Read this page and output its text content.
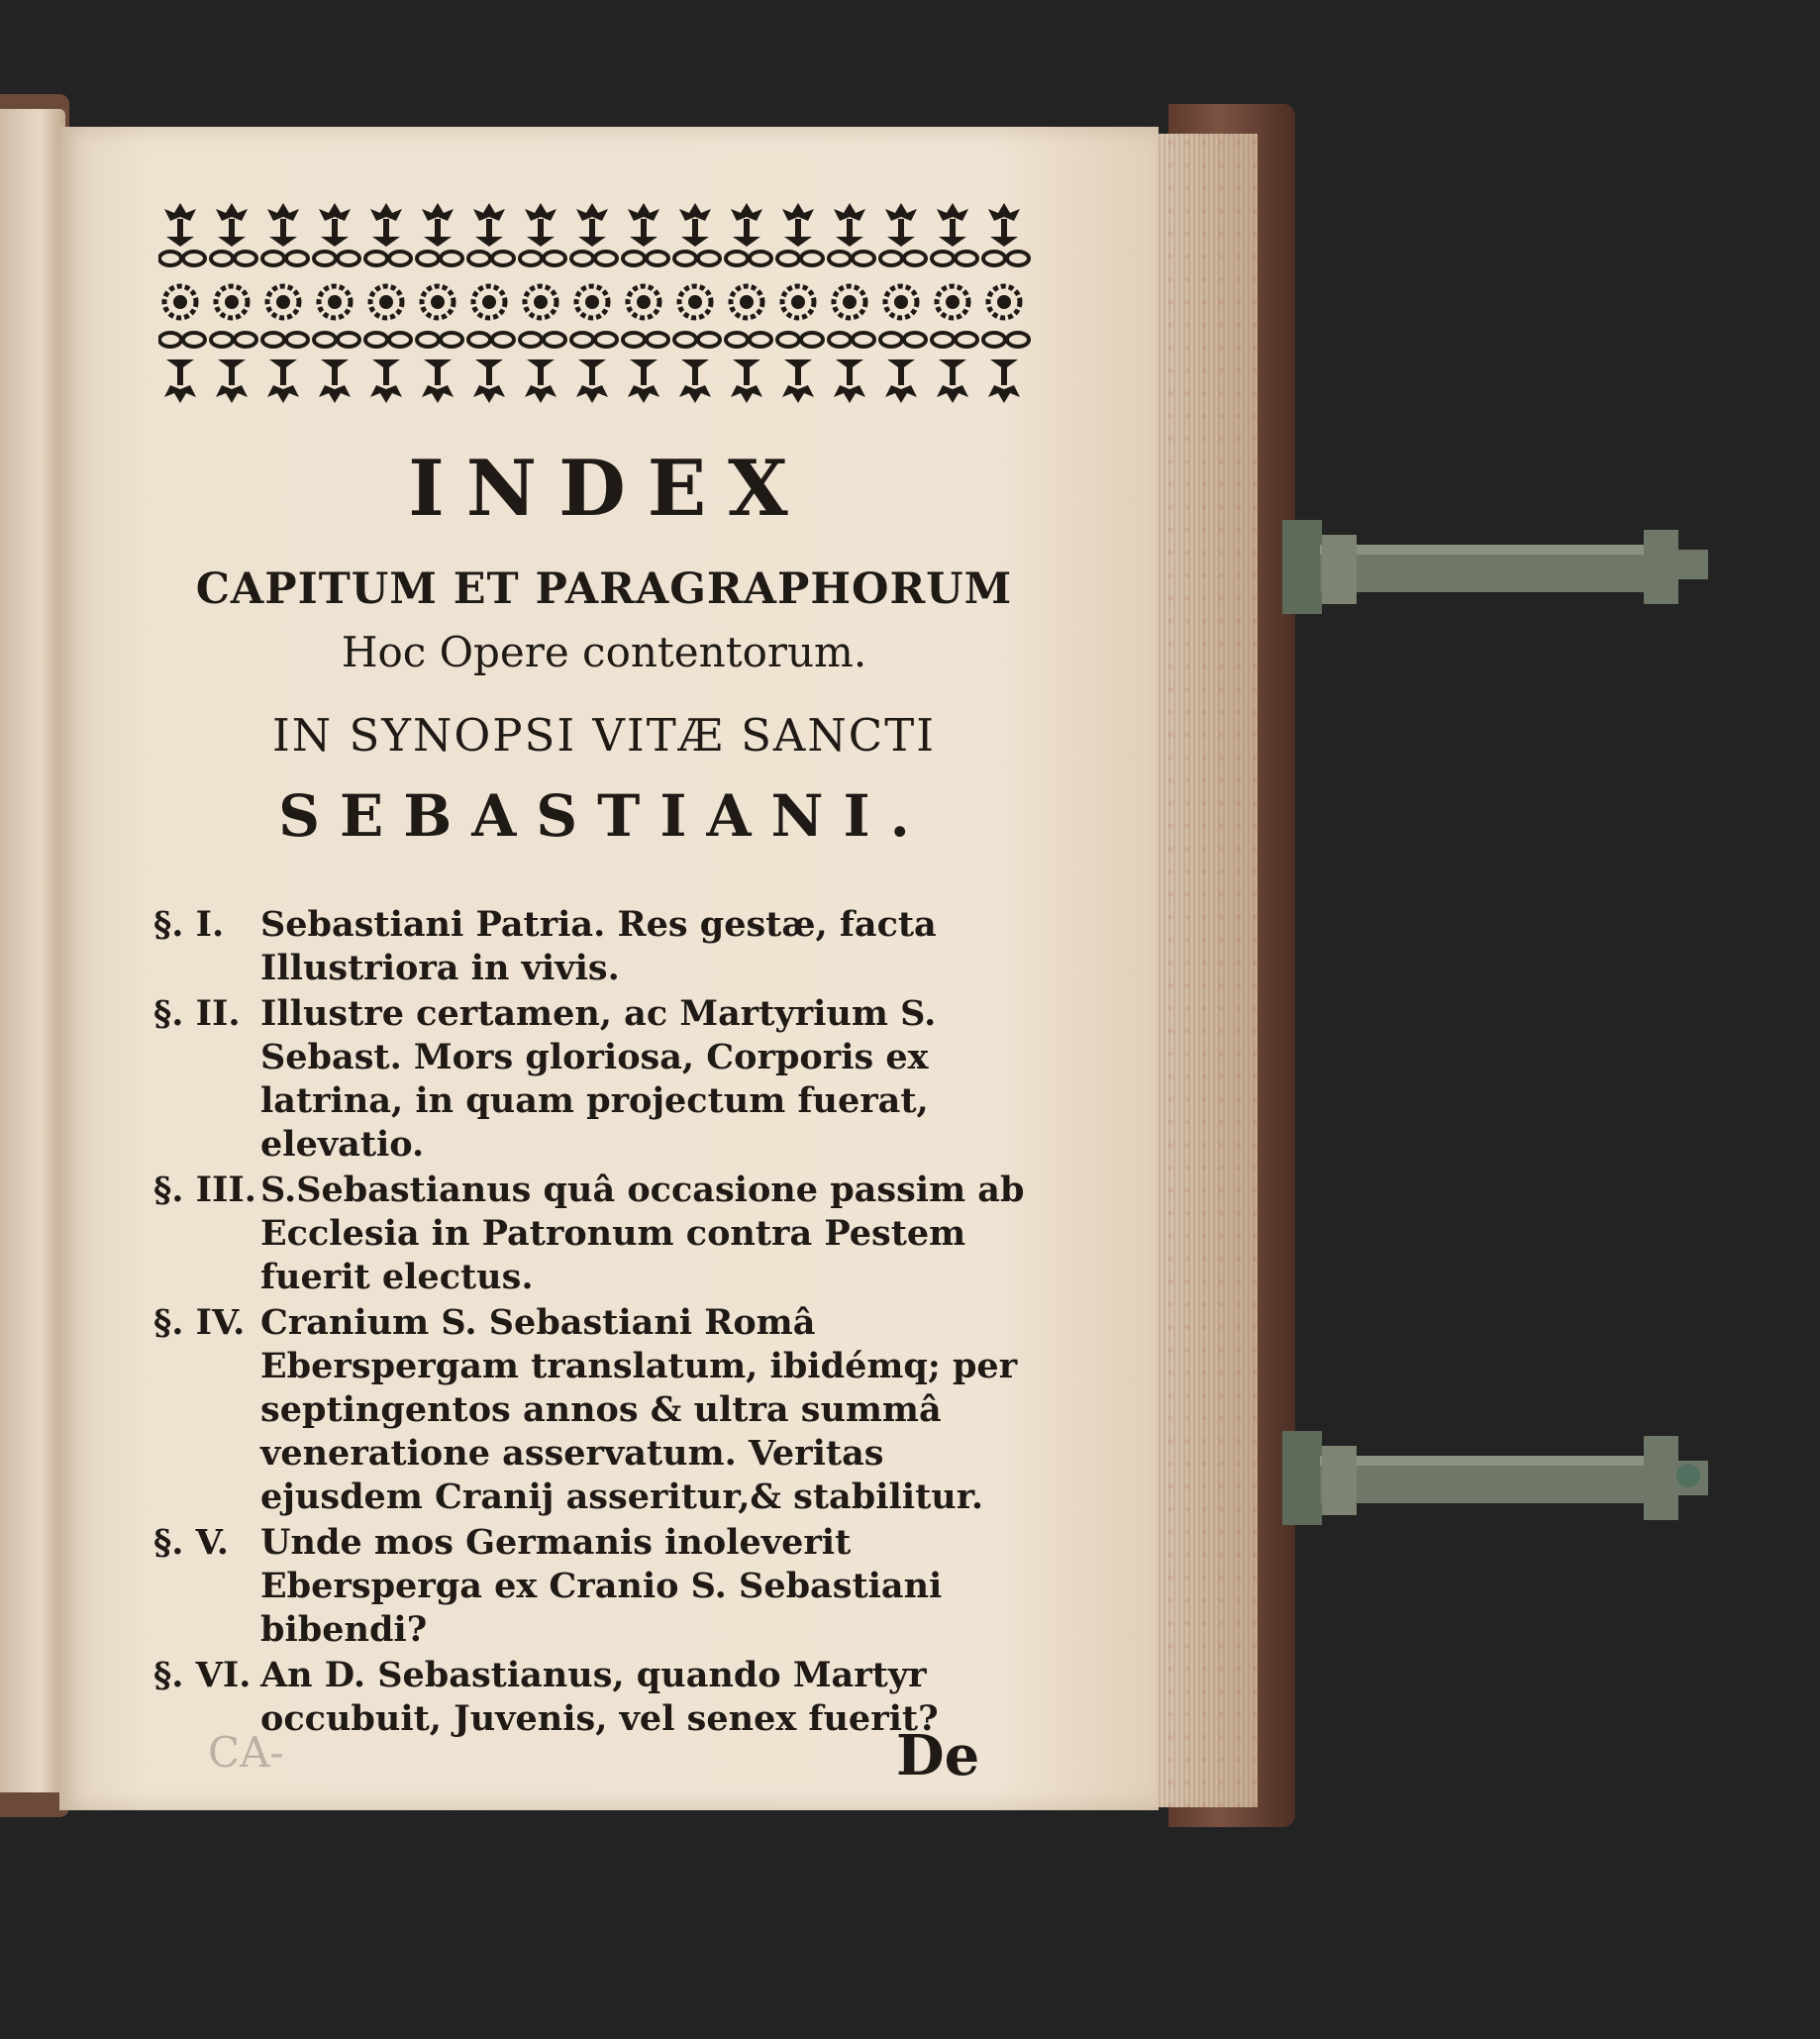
INDEX
CAPITUM ET PARAGRAPHORUM
Hoc Opere contentorum.
IN SYNOPSI VITÆ SANCTI
SEBASTIANI.
§. I.	Sebastiani Patria. Res gestæ, facta Illustriora in vivis.
§. II. Illustre certamen, ac Martyrium S. Sebast. Mors gloriosa, Corporis ex latrina, in quam projectum fuerat, elevatio.
§. III. S.Sebastianus quâ occasione passim ab Ecclesia in Patronum contra Pestem fuerit electus.
§. IV. Cranium S. Sebastiani Româ Eberspergam translatum, ibidémq; per septingentos annos & ultra summâ veneratione asservatum. Veritas ejusdem Cranij asseritur,& stabilitur.
§. V. Unde mos Germanis inoleverit Ebersperga ex Cranio S. Sebastiani bibendi?
§. VI. An D. Sebastianus, quando Martyr occubuit, Juvenis, vel senex fuerit?
CA-	De
